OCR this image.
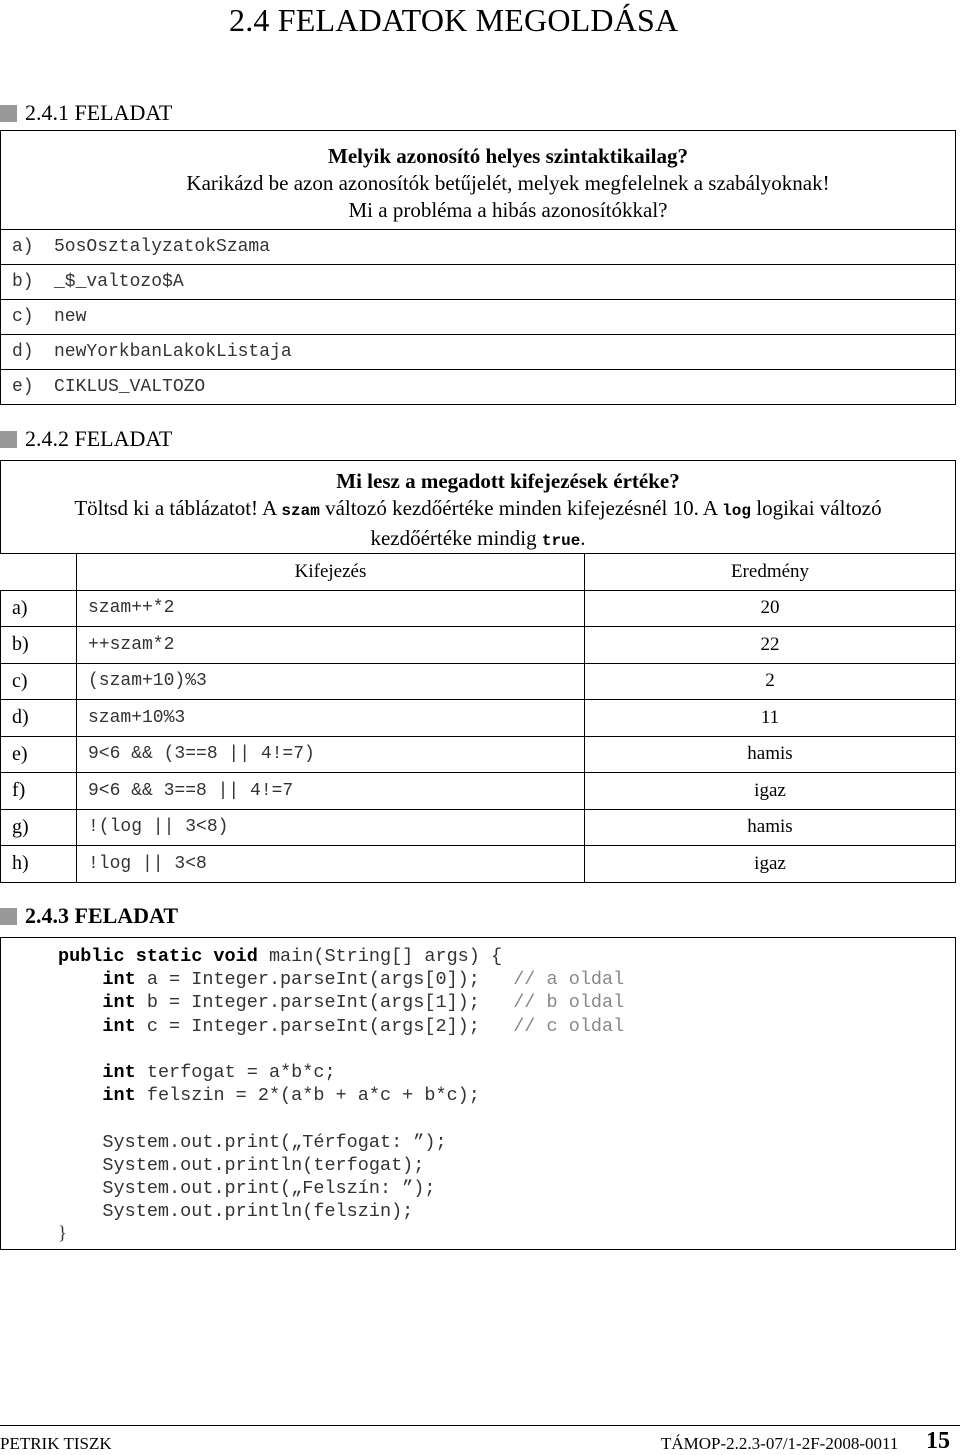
2.4 FELADATOK MEGOLDÁSA
2.4.1 FELADAT
Melyik azonosító helyes szintaktikailag?
Karikázd be azon azonosítók betűjelét, melyek megfelelnek a szabályoknak!
Mi a probléma a hibás azonosítókkal?
a)	5osOsztalyzatokSzama
b)	_$_valtozo$A
c)	new
d)	newYorkbanLakokListaja
e)	CIKLUS_VALTOZO
2.4.2 FELADAT
Mi lesz a megadott kifejezések értéke?
Töltsd ki a táblázatot! A szam változó kezdőértéke minden kifejezésnél 10. A log logikai változó
kezdőértéke mindig true.
	Kifejezés	Eredmény
a)	szam++*2	20
b)	++szam*2	22
c)	(szam+10)%3	2
d)	szam+10%3	11
e)	9<6 && (3==8 || 4!=7)	hamis
f)	9<6 && 3==8 || 4!=7	igaz
g)	!(log || 3<8)	hamis
h)	!log || 3<8	igaz
2.4.3 FELADAT
public static void main(String[] args) {
int a = Integer.parseInt(args[0]);   // a oldal
int b = Integer.parseInt(args[1]);   // b oldal
int c = Integer.parseInt(args[2]);   // c oldal
int terfogat = a*b*c;
int felszin = 2*(a*b + a*c + b*c);
System.out.print(„Térfogat: ”);
System.out.println(terfogat);
System.out.print(„Felszín: ”);
System.out.println(felszin);
}
PETRIK TISZK	TÁMOP-2.2.3-07/1-2F-2008-0011 15
